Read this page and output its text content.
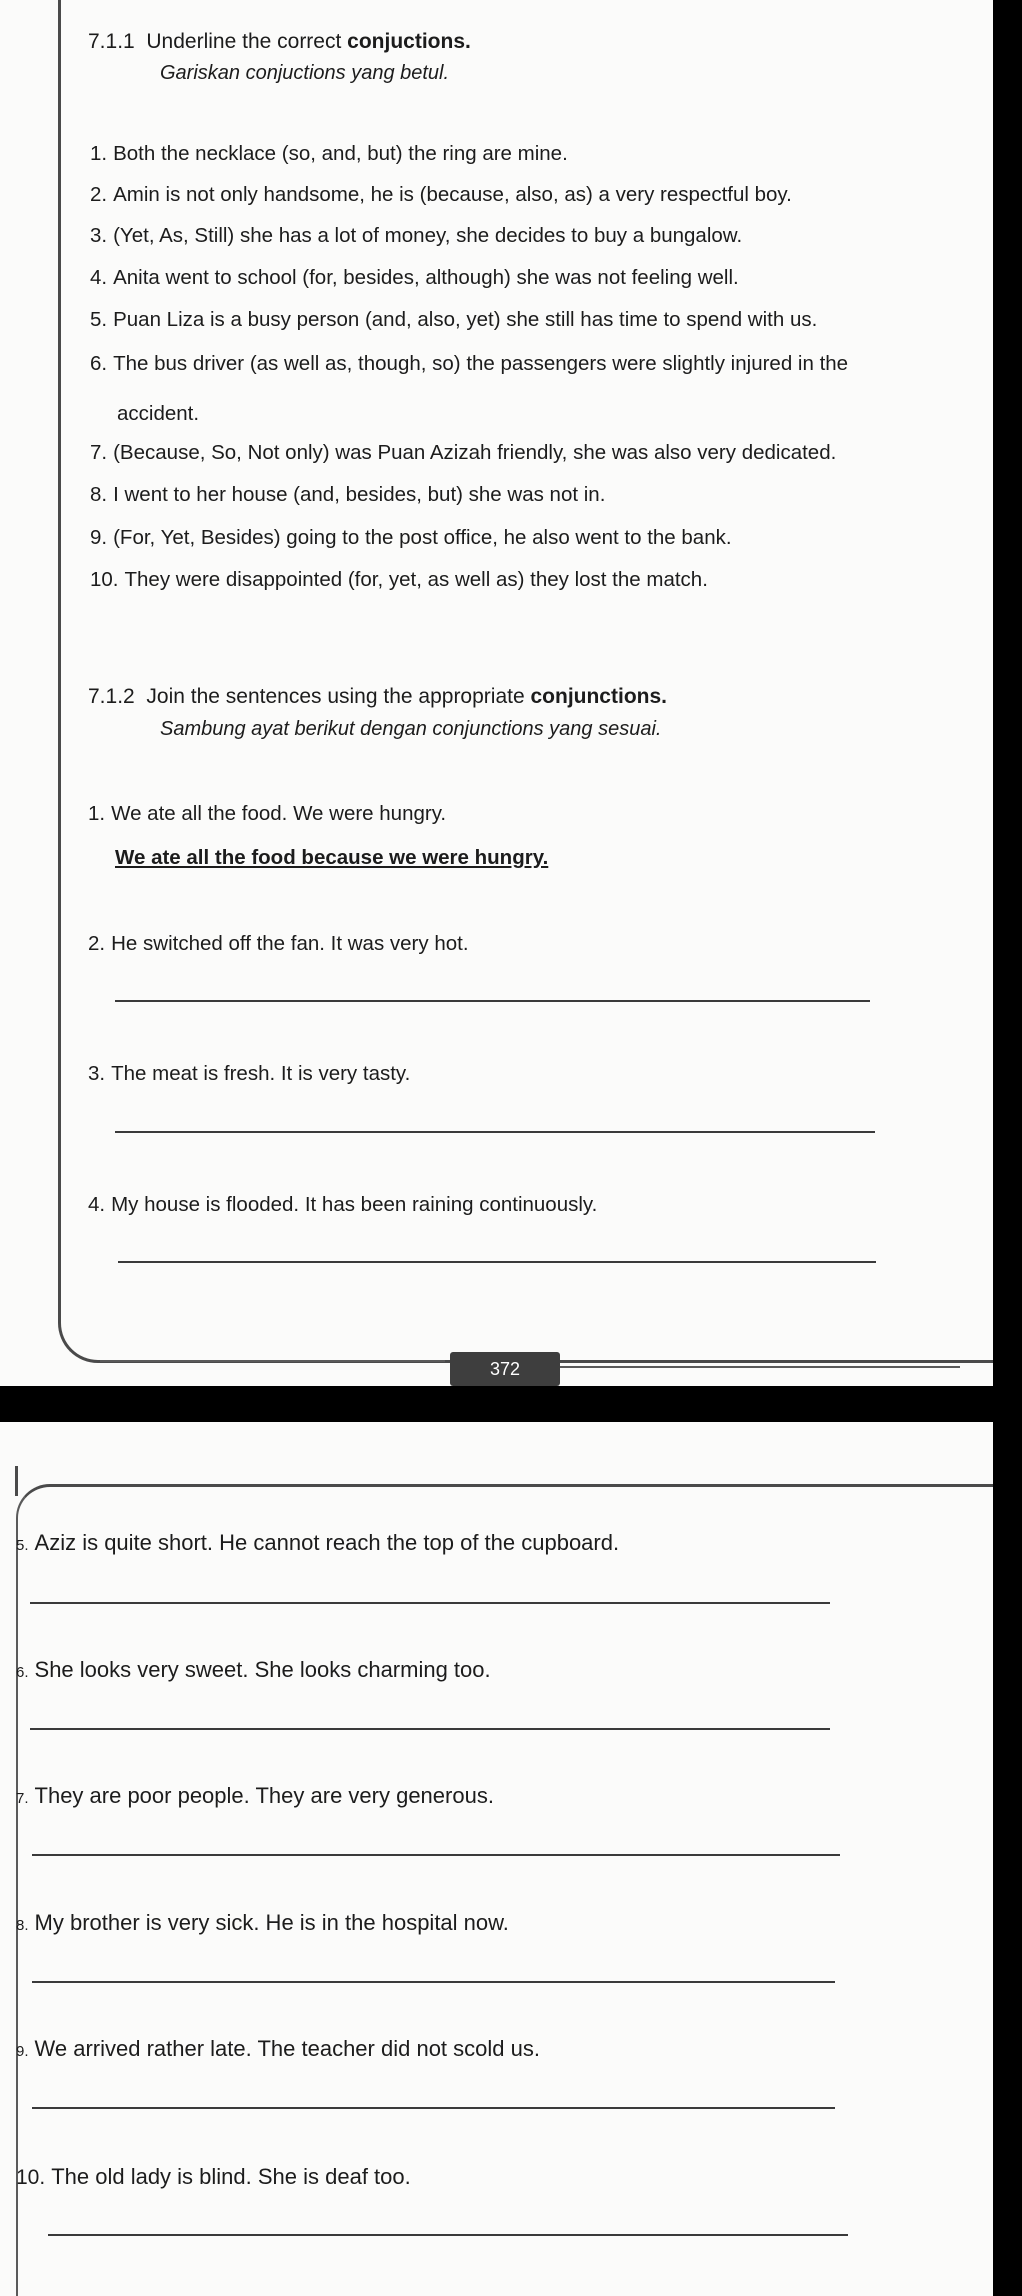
7.1.1 Underline the correct conjuctions.
Gariskan conjuctions yang betul.
1. Both the necklace (so, and, but) the ring are mine.
2. Amin is not only handsome, he is (because, also, as) a very respectful boy.
3. (Yet, As, Still) she has a lot of money, she decides to buy a bungalow.
4. Anita went to school (for, besides, although) she was not feeling well.
5. Puan Liza is a busy person (and, also, yet) she still has time to spend with us.
6. The bus driver (as well as, though, so) the passengers were slightly injured in the
accident.
7. (Because, So, Not only) was Puan Azizah friendly, she was also very dedicated.
8. I went to her house (and, besides, but) she was not in.
9. (For, Yet, Besides) going to the post office, he also went to the bank.
10. They were disappointed (for, yet, as well as) they lost the match.
7.1.2 Join the sentences using the appropriate conjunctions.
Sambung ayat berikut dengan conjunctions yang sesuai.
1. We ate all the food. We were hungry.
We ate all the food because we were hungry.
2. He switched off the fan. It was very hot.
3. The meat is fresh. It is very tasty.
4. My house is flooded. It has been raining continuously.
372
5. Aziz is quite short. He cannot reach the top of the cupboard.
6. She looks very sweet. She looks charming too.
7. They are poor people. They are very generous.
8. My brother is very sick. He is in the hospital now.
9. We arrived rather late. The teacher did not scold us.
10. The old lady is blind. She is deaf too.
